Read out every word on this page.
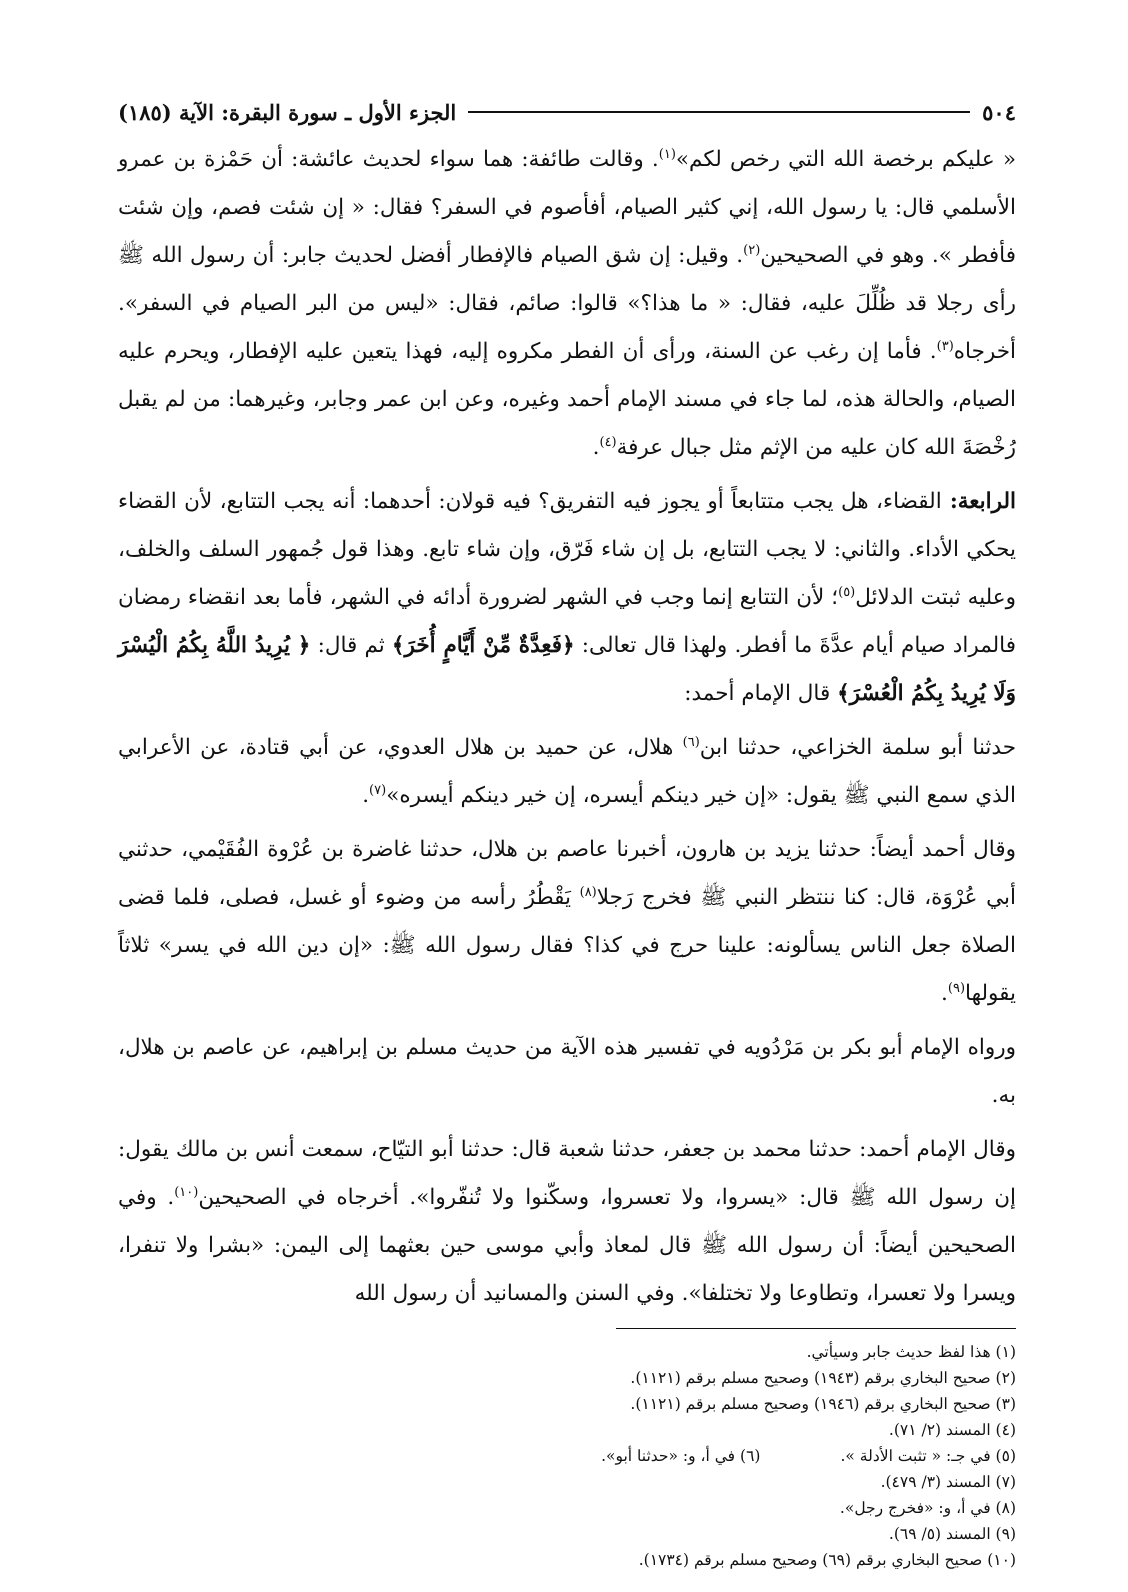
٥٠٤
الجزء الأول ـ سورة البقرة: الآية (١٨٥)

« عليكم برخصة الله التي رخص لكم»$^{(١)}$. وقالت طائفة: هما سواء لحديث عائشة: أن حَمْزة بن عمرو الأسلمي قال: يا رسول الله، إني كثير الصيام، أفأصوم في السفر؟ فقال: « إن شئت فصم، وإن شئت فأفطر ». وهو في الصحيحين$^{(٢)}$. وقيل: إن شق الصيام فالإفطار أفضل لحديث جابر: أن رسول الله ﷺ رأى رجلا قد ظُلِّلَ عليه، فقال: « ما هذا؟» قالوا: صائم، فقال: «ليس من البر الصيام في السفر». أخرجاه$^{(٣)}$. فأما إن رغب عن السنة، ورأى أن الفطر مكروه إليه، فهذا يتعين عليه الإفطار، ويحرم عليه الصيام، والحالة هذه، لما جاء في مسند الإمام أحمد وغيره، وعن ابن عمر وجابر، وغيرهما: من لم يقبل رُخْصَةَ الله كان عليه من الإثم مثل جبال عرفة$^{(٤)}$.

الرابعة: القضاء، هل يجب متتابعاً أو يجوز فيه التفريق؟ فيه قولان: أحدهما: أنه يجب التتابع، لأن القضاء يحكي الأداء. والثاني: لا يجب التتابع، بل إن شاء فَرّق، وإن شاء تابع. وهذا قول جُمهور السلف والخلف، وعليه ثبتت الدلائل$^{(٥)}$؛ لأن التتابع إنما وجب في الشهر لضرورة أدائه في الشهر، فأما بعد انقضاء رمضان فالمراد صيام أيام عدَّةَ ما أفطر. ولهذا قال تعالى: ﴿فَعِدَّةٌ مِّنْ أَيَّامٍ أُخَرَ﴾ ثم قال: ﴿ يُرِيدُ اللَّهُ بِكُمُ الْيُسْرَ وَلَا يُرِيدُ بِكُمُ الْعُسْرَ﴾ قال الإمام أحمد:

حدثنا أبو سلمة الخزاعي، حدثنا ابن$^{(٦)}$ هلال، عن حميد بن هلال العدوي، عن أبي قتادة، عن الأعرابي الذي سمع النبي ﷺ يقول: «إن خير دينكم أيسره، إن خير دينكم أيسره»$^{(٧)}$.

وقال أحمد أيضاً: حدثنا يزيد بن هارون، أخبرنا عاصم بن هلال، حدثنا غاضرة بن عُرْوة الفُقَيْمي، حدثني أبي عُرْوَة، قال: كنا ننتظر النبي ﷺ فخرج رَجلا$^{(٨)}$ يَقْطُرُ رأسه من وضوء أو غسل، فصلى، فلما قضى الصلاة جعل الناس يسألونه: علينا حرج في كذا؟ فقال رسول الله ﷺ: «إن دين الله في يسر» ثلاثاً يقولها$^{(٩)}$.

ورواه الإمام أبو بكر بن مَرْدُويه في تفسير هذه الآية من حديث مسلم بن إبراهيم، عن عاصم بن هلال، به.

وقال الإمام أحمد: حدثنا محمد بن جعفر، حدثنا شعبة قال: حدثنا أبو التيّاح، سمعت أنس بن مالك يقول: إن رسول الله ﷺ قال: «يسروا، ولا تعسروا، وسكّنوا ولا تُنفّروا». أخرجاه في الصحيحين$^{(١٠)}$. وفي الصحيحين أيضاً: أن رسول الله ﷺ قال لمعاذ وأبي موسى حين بعثهما إلى اليمن: «بشرا ولا تنفرا، ويسرا ولا تعسرا، وتطاوعا ولا تختلفا». وفي السنن والمسانيد أن رسول الله

(١) هذا لفظ حديث جابر وسيأتي.
(٢) صحيح البخاري برقم (١٩٤٣) وصحيح مسلم برقم (١١٢١).
(٣) صحيح البخاري برقم (١٩٤٦) وصحيح مسلم برقم (١١٢١).
(٤) المسند (٢/ ٧١).
(٥) في جـ: « تثبت الأدلة ».
(٦) في أ، و: «حدثنا أبو».
(٧) المسند (٣/ ٤٧٩).
(٨) في أ، و: «فخرج رجل».
(٩) المسند (٥/ ٦٩).
(١٠) صحيح البخاري برقم (٦٩) وصحيح مسلم برقم (١٧٣٤).
